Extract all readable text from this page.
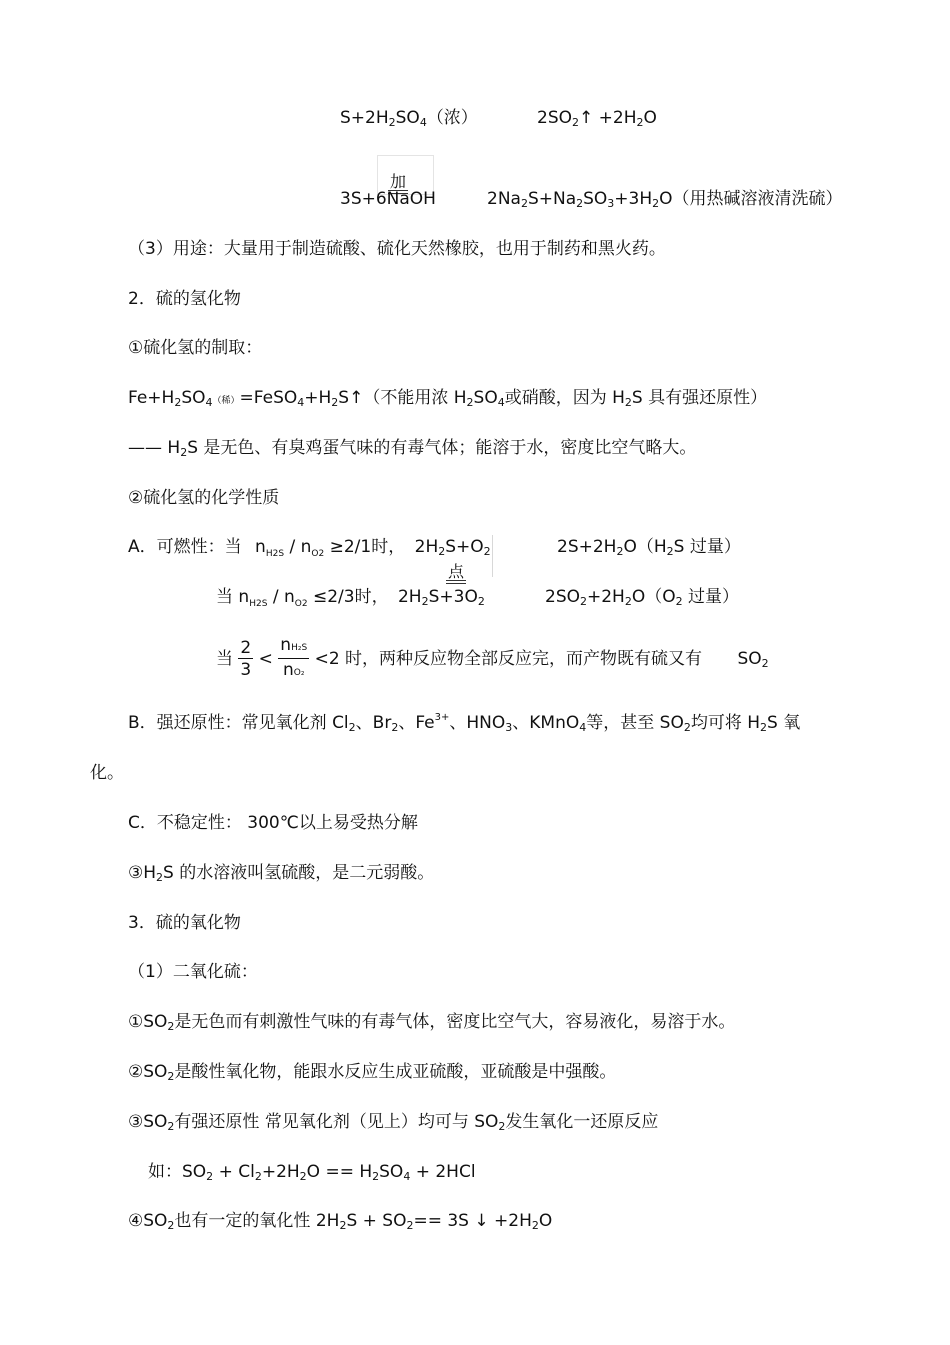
S+2H2SO4（浓）	2SO2↑ +2H2O
加
3S+6NaOH	2Na2S+Na2SO3+3H2O（用热碱溶液清洗硫）
（3）用途：大量用于制造硫酸、硫化天然橡胶，也用于制药和黑火药。
2．硫的氢化物
①硫化氢的制取：
Fe+H2SO4（稀）=FeSO4+H2S↑（不能用浓 H2SO4或硝酸，因为 H2S 具有强还原性）
—— H2S 是无色、有臭鸡蛋气味的有毒气体；能溶于水，密度比空气略大。
②硫化氢的化学性质
A．可燃性：当 $n_{H2S} / n_{O2} \ge 2/1$时， 2H2S+O2
点
2S+2H2O（H2S 过量）
当 $n_{H2S} / n_{O2} \le 2/3$时， 2H2S+3O2	2SO2+2H2O（O2 过量）
当 $\frac{2}{3} < \frac{\text{nH₂S}}{\text{nO₂}} <2$ 时，两种反应物全部反应完，而产物既有硫又有 SO2
B．强还原性：常见氧化剂 Cl2、Br2、$Fe^{3+}$、HNO3、KMnO4等，甚至 SO2均可将 H2S 氧
化。
C．不稳定性： 300℃以上易受热分解
③H2S 的水溶液叫氢硫酸，是二元弱酸。
3．硫的氧化物
（1）二氧化硫：
①SO2是无色而有刺激性气味的有毒气体，密度比空气大，容易液化，易溶于水。
②SO2是酸性氧化物，能跟水反应生成亚硫酸，亚硫酸是中强酸。
③SO2有强还原性 常见氧化剂（见上）均可与 SO2发生氧化一还原反应
如：SO2 + Cl2+2H2O == H2SO4 + 2HCl
④SO2也有一定的氧化性 2H2S + SO2== 3S ↓ +2H2O
